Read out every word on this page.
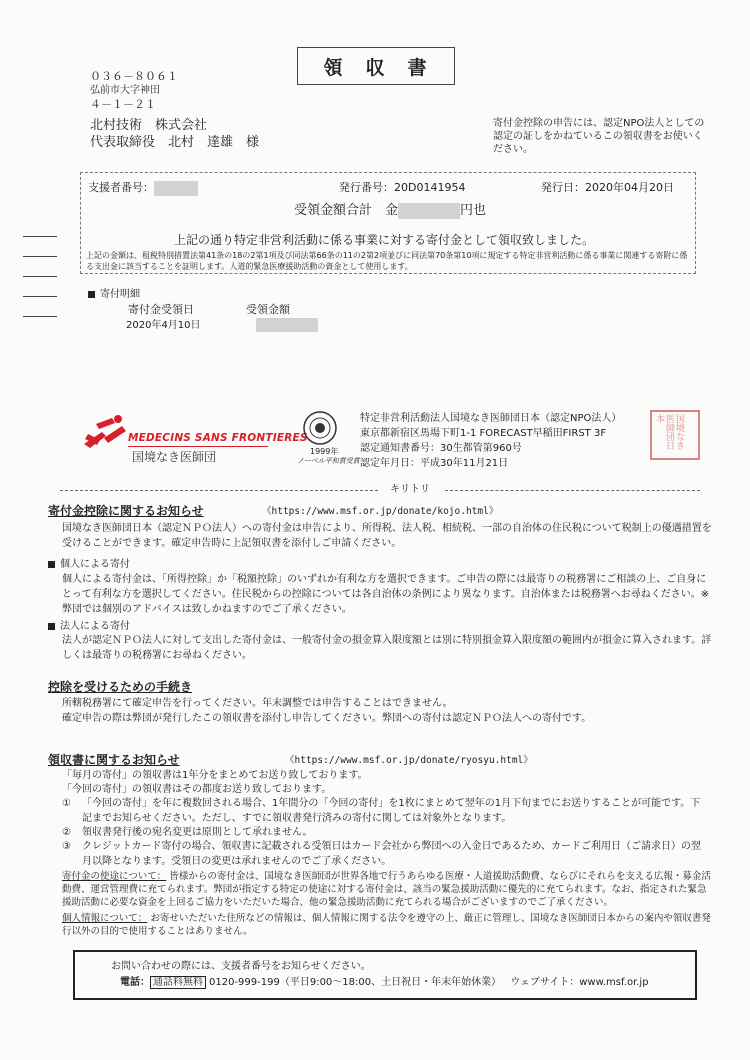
領　収　書
０３６－８０６１
弘前市大字神田
４－１－２１
北村技術　株式会社
代表取締役　北村　達雄　様
寄付金控除の申告には、認定NPO法人としての認定の証しをかねているこの領収書をお使いください。
支援者番号：	発行番号：20D0141954	発行日：2020年04月20日
受領金額合計　金	円也
上記の通り特定非営利活動に係る事業に対する寄付金として領収致しました。
上記の金額は、租税特別措置法第41条の18の2第1項及び同法第66条の11の2第2項並びに同法第70条第10項に規定する特定非営利活動に係る事業に関連する寄附に係る支出金に該当することを証明します。人道的緊急医療援助活動の資金として使用します。
寄付明細
寄付金受領日	受領金額
2020年4月10日
MEDECINS SANS FRONTIERES
国境なき医師団	1999年
ノーベル平和賞受賞
特定非営利活動法人国境なき医師団日本（認定NPO法人）
東京都新宿区馬場下町1-1 FORECAST早稲田FIRST 3F
認定通知書番号：30生都管第960号
認定年月日：平成30年11月21日
国境なき医師団日本
キリトリ
寄付金控除に関するお知らせ	《https://www.msf.or.jp/donate/kojo.html》
国境なき医師団日本（認定ＮＰＯ法人）への寄付金は申告により、所得税、法人税、相続税、一部の自治体の住民税について税制上の優遇措置を受けることができます。確定申告時に上記領収書を添付しご申請ください。
個人による寄付
個人による寄付金は、「所得控除」か「税額控除」のいずれか有利な方を選択できます。ご申告の際には最寄りの税務署にご相談の上、ご自身にとって有利な方を選択してください。住民税からの控除については各自治体の条例により異なります。自治体または税務署へお尋ねください。※弊団では個別のアドバイスは致しかねますのでご了承ください。
法人による寄付
法人が認定ＮＰＯ法人に対して支出した寄付金は、一般寄付金の損金算入限度額とは別に特別損金算入限度額の範囲内が損金に算入されます。詳しくは最寄りの税務署にお尋ねください。
控除を受けるための手続き
所轄税務署にて確定申告を行ってください。年末調整では申告することはできません。
確定申告の際は弊団が発行したこの領収書を添付し申告してください。弊団への寄付は認定ＮＰＯ法人への寄付です。
領収書に関するお知らせ	《https://www.msf.or.jp/donate/ryosyu.html》
「毎月の寄付」の領収書は1年分をまとめてお送り致しております。
「今回の寄付」の領収書はその都度お送り致しております。
①	「今回の寄付」を年に複数回される場合、1年間分の「今回の寄付」を1枚にまとめて翌年の1月下旬までにお送りすることが可能です。下記までお知らせください。ただし、すでに領収書発行済みの寄付に関しては対象外となります。
②	領収書発行後の宛名変更は原則として承れません。
③	クレジットカード寄付の場合、領収書に記載される受領日はカード会社から弊団への入金日であるため、カードご利用日（ご請求日）の翌月以降となります。受領日の変更は承れませんのでご了承ください。
寄付金の使途について： 皆様からの寄付金は、国境なき医師団が世界各地で行うあらゆる医療・人道援助活動費、ならびにそれらを支える広報・募金活動費、運営管理費に充てられます。弊団が指定する特定の使途に対する寄付金は、該当の緊急援助活動に優先的に充てられます。なお、指定された緊急援助活動に必要な資金を上回るご協力をいただいた場合、他の緊急援助活動に充てられる場合がございますのでご了承ください。
個人情報について： お寄せいただいた住所などの情報は、個人情報に関する法令を遵守の上、厳正に管理し、国境なき医師団日本からの案内や領収書発行以外の目的で使用することはありません。
お問い合わせの際には、支援者番号をお知らせください。
電話： 通話料無料 0120-999-199（平日9:00～18:00、土日祝日・年末年始休業） ウェブサイト：www.msf.or.jp
